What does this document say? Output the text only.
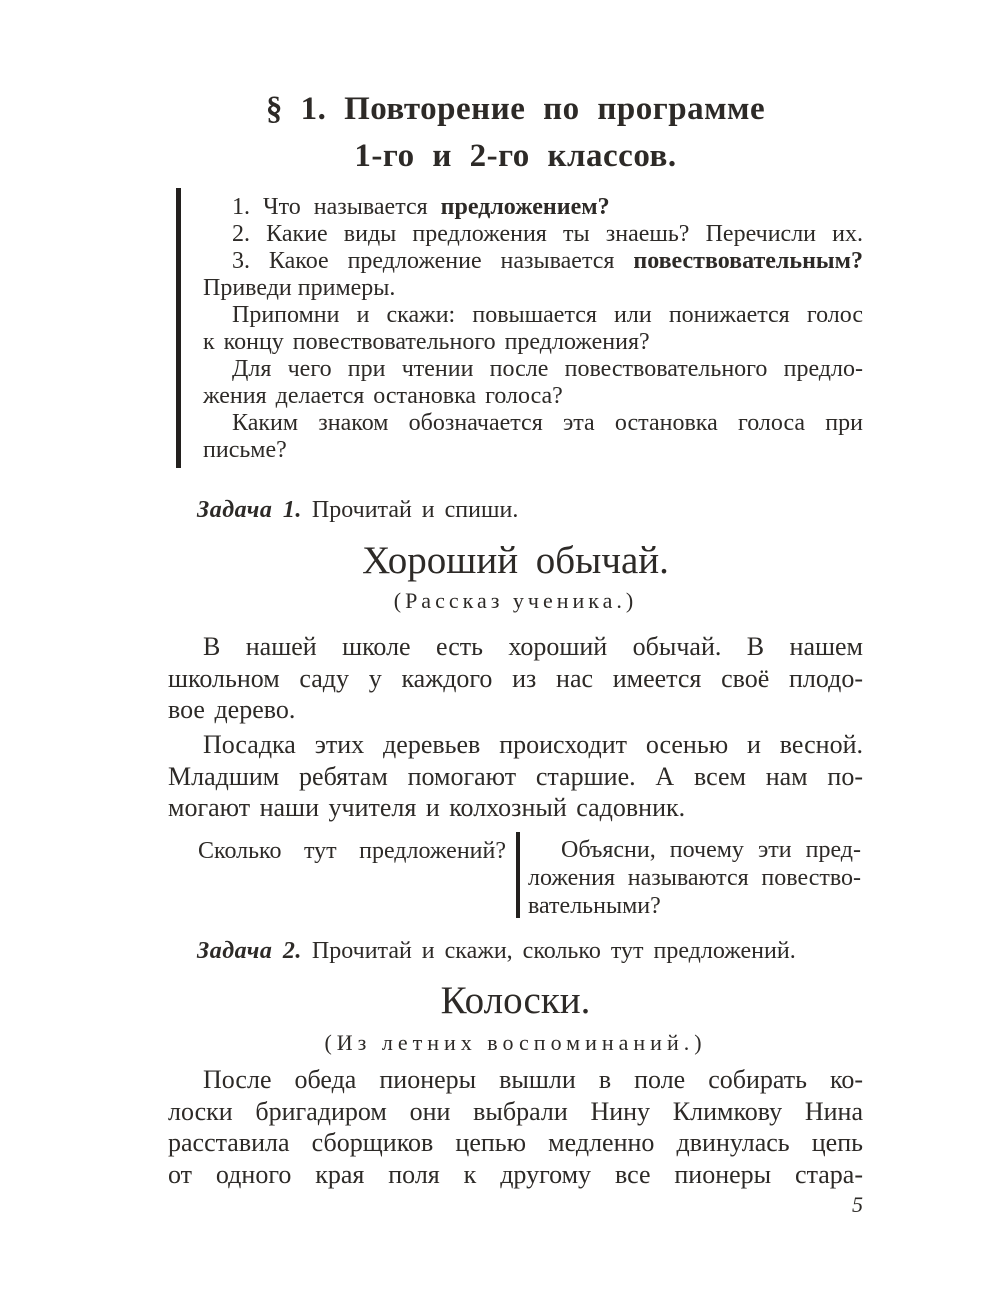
§ 1. Повторение по программе
1-го и 2-го классов.
1. Что называется предложением?
2. Какие виды предложения ты знаешь? Перечисли их.
3. Какое предложение называется повествовательным?
Приведи примеры.
Припомни и скажи: повышается или понижается голос
к концу повествовательного предложения?
Для чего при чтении после повествовательного предло-
жения делается остановка голоса?
Каким знаком обозначается эта остановка голоса при
письме?
Задача 1. Прочитай и спиши.
Хороший обычай.
(Рассказ ученика.)
В нашей школе есть хороший обычай. В нашем
школьном саду у каждого из нас имеется своё плодо-
вое дерево.
Посадка этих деревьев происходит осенью и весной.
Младшим ребятам помогают старшие. А всем нам по-
могают наши учителя и колхозный садовник.
Сколько тут предложений?	Объясни, почему эти пред-
ложения называются повество-
вательными?
Задача 2. Прочитай и скажи, сколько тут предложений.
Колоски.
(Из летних воспоминаний.)
После обеда пионеры вышли в поле собирать ко-
лоски бригадиром они выбрали Нину Климкову Нина
расставила сборщиков цепью медленно двинулась цепь
от одного края поля к другому все пионеры стара-
5
